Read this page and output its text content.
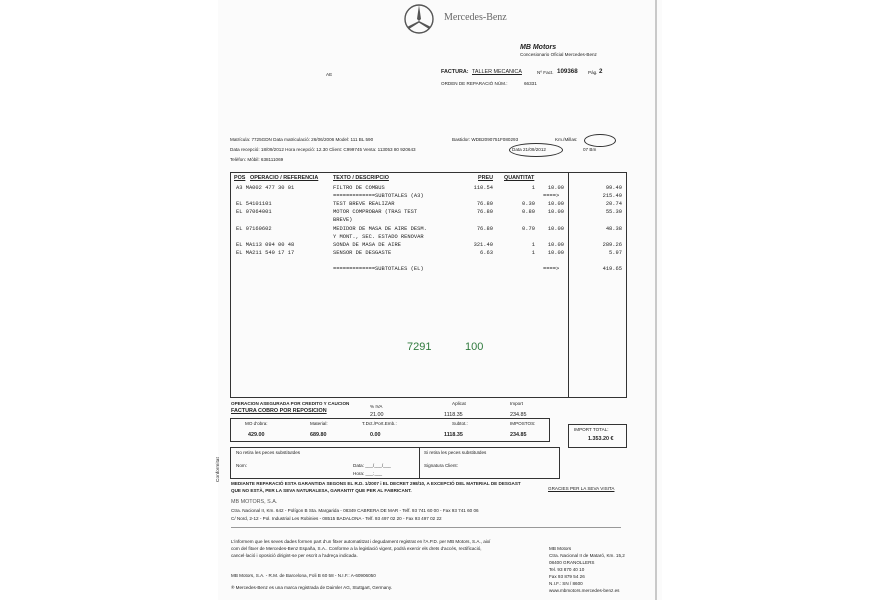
Mercedes-Benz
MB Motors
Concesionario Oficial Mercedes-Benz
FACTURA: TALLER MECANICA	Nº Fact. 109368 Pág. 2
ORDEN DE REPARACIÓ NÚM.:	66331
AE
Matrícula: 7725GDN Data matriculació: 26/06/2006 Model: 111 BL 590	Bastidor: WDB2090751F080293	Km./Millas:
Data recepció: 18/09/2012 Hora recepció: 12.30 Client: C999745 Venta: 113053 80 920643	Data 21/09/2012	07 Bm
Telèfon: Mòbil: 638111069
POS OPERACIO / REFERENCIA	TEXTO / DESCRIPCIO	PREU QUANTITAT
A3 MA002 477 30 01	FILTRO DE COMBUS	110.54	1	10.00	99.49
=============SUBTOTALES (A3)	====>	215.49
EL 54101101	TEST BREVE REALIZAR	76.80	0.30	10.00	20.74
EL 07064001	MOTOR COMPROBAR (TRAS TEST	76.80	0.80	10.00	55.30
BREVE)
EL 07160602	MEDIDOR DE MASA DE AIRE DESM.	76.80	0.70	10.00	48.38
Y MONT., SEC. ESTADO RENOVAR
EL MA113 094 00 48	SONDA DE MASA DE AIRE	321.40	1	10.00	289.26
EL MA211 540 17 17	SENSOR DE DESGASTE	6.63	1	10.00	5.97
=============SUBTOTALES (EL)	====>	419.65
7291	100
OPERACION ASEGURADA POR CREDITO Y CAUCION
FACTURA COBRO POR REPOSICION
MO d'obra:
429.00
Material:
689.80
% IVA
21.00
T.Dct./Port.Emb.:
0.00
Aplicat
1118.35
Subtot.:
1118.35
Import
234.85
IMPOSTOS:
234.85
IMPORT TOTAL:
1.353.20 €
No retira les peces substituïdes	Si retira les peces substituïdes
Nom:	Data: ___/___/___
Hora: ___:___
Signatura Client:
Conformitat
MEDIANTE REPARACIÓ ESTA GARANTIDA SEGONS EL R.D. 1/2007 i EL DECRET 298/10, A EXCEPCIÓ DEL MATERIAL DE DESGAST
QUE NO ESTÀ, PER LA SEVA NATURALESA, GARANTIT QUE PER AL FABRICANT.	GRACIES PER LA SEVA VISITA
MB MOTORS, S.A.
Ctra. Nacional II, Km. 642 - Polígon B Sta. Margarida - 08349 CABRERA DE MAR - Telf. 93 741 60 00 - Fax 93 741 60 06
C/ Nord, 2-12 - Pol. Industrial Les Robinies - 08515 BADALONA - Telf. 93 497 02 20 - Fax 93 497 02 22
L'informem que les seves dades formen part d'un fitxer automatitzat i degudament registrat en l'A.P.D. per MB Motors, S.A., així
com del fitxer de Mercedes-Benz España, S.A.. Conforme a la legislació vigent, podrà exercir els drets d'accés, rectificació,
cancel·lació i oposició dirigint-se per escrit a l'adreça indicada.
MB Motors, S.A. - R.M. de Barcelona, Foli B 60 58 - N.I.F.: A-60906050
® Mercedes-Benz es una marca registrada de Daimler AG, Stuttgart, Germany.
MB Motors
Ctra. Nacional II de Mataró, Km. 15,2
08400 GRANOLLERS
Tel. 93 870 40 10
Fax 93 879 54 26
N.I.F.: SN / 8600
www.mbmotors.mercedes-benz.es
